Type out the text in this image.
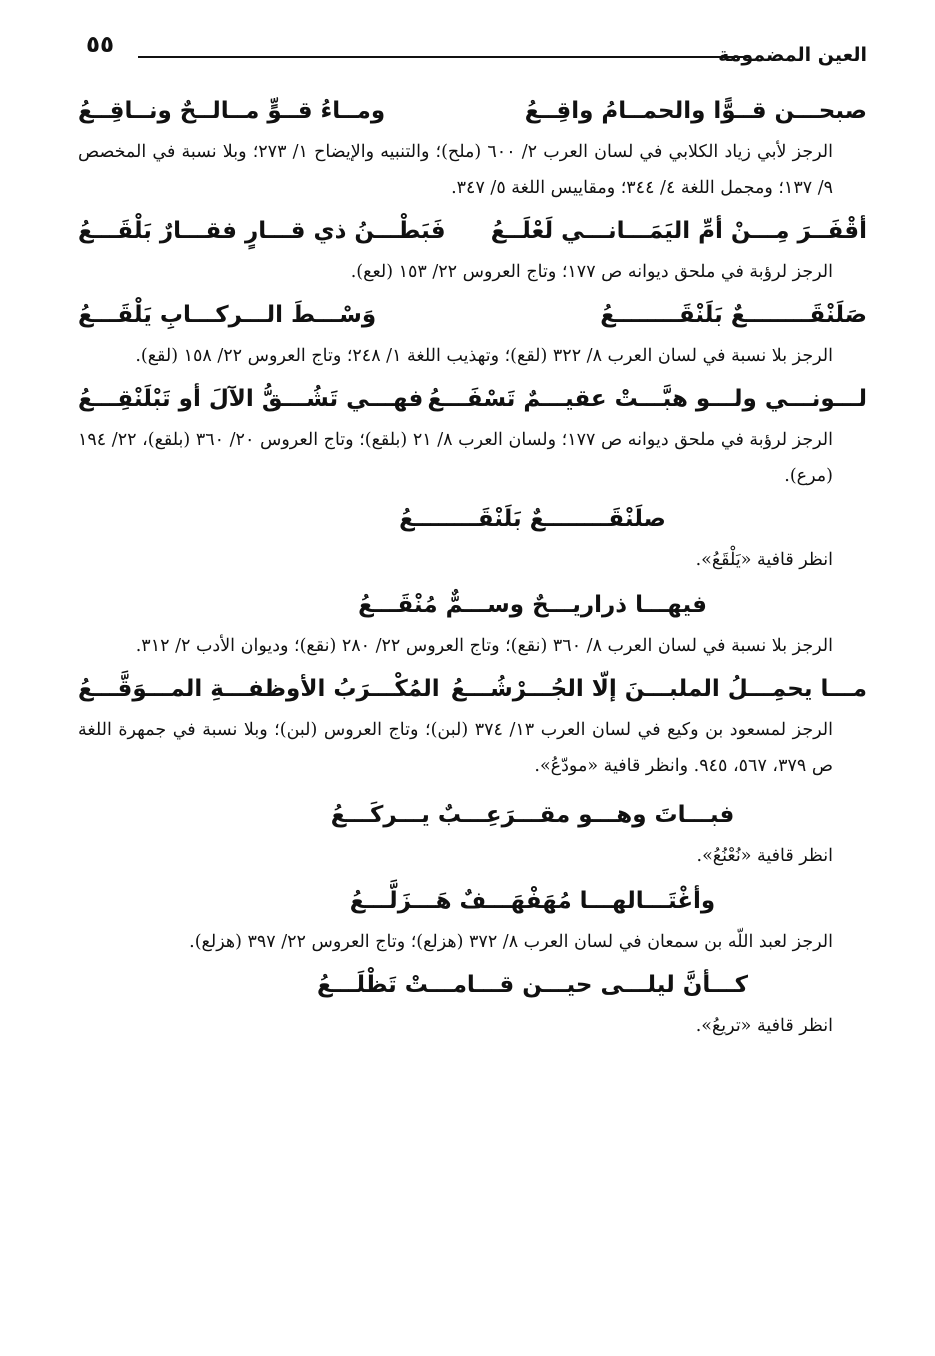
العين المضمومة
٥٥
صبحـــن قــوًّا والحمــامُ واقِــعُ
ومــاءُ قــوٍّ مــالــحٌ ونــاقِــعُ
الرجز لأبي زياد الكلابي في لسان العرب ٢/ ٦٠٠ (ملح)؛ والتنبيه والإيضاح ١/ ٢٧٣؛ وبلا نسبة في المخصص ٩/ ١٣٧؛ ومجمل اللغة ٤/ ٣٤٤؛ ومقاييس اللغة ٥/ ٣٤٧.
أقْفَــرَ مِـــنْ أمِّ اليَمَـــانـــي لَعْلَــعُ
فَبَطْـــنُ ذي قـــارٍ فقـــارٌ بَلْقَـــعُ
الرجز لرؤبة في ملحق ديوانه ص ١٧٧؛ وتاج العروس ٢٢/ ١٥٣ (لعع).
صَلَنْقَــــــــعٌ بَلَنْقَــــــــعُ
وَسْـــطَ الـــركـــابِ يَلْقَـــعُ
الرجز بلا نسبة في لسان العرب ٨/ ٣٢٢ (لقع)؛ وتهذيب اللغة ١/ ٢٤٨؛ وتاج العروس ٢٢/ ١٥٨ (لقع).
لـــونـــي ولـــو هبَّـــتْ عقيـــمٌ تَسْفَـــعُ
فهـــي تَشُـــقُّ الآلَ أو تَبْلَنْقِـــعُ
الرجز لرؤبة في ملحق ديوانه ص ١٧٧؛ ولسان العرب ٨/ ٢١ (بلقع)؛ وتاج العروس ٢٠/ ٣٦٠ (بلقع)، ٢٢/ ١٩٤ (مرع).
صلَنْقَــــــــعٌ بَلَنْقَــــــــعُ
انظر قافية «يَلْقَعُ».
فيهـــا ذراريـــحٌ وســـمٌّ مُنْقَـــعُ
الرجز بلا نسبة في لسان العرب ٨/ ٣٦٠ (نقع)؛ وتاج العروس ٢٢/ ٢٨٠ (نقع)؛ وديوان الأدب ٢/ ٣١٢.
مـــا يحمِـــلُ الملبـــنَ إلّا الجُـــرْشُـــعُ
المُكْـــرَبُ الأوظفـــةِ المـــوَقَّـــعُ
الرجز لمسعود بن وكيع في لسان العرب ١٣/ ٣٧٤ (لبن)؛ وتاج العروس (لبن)؛ وبلا نسبة في جمهرة اللغة ص ٣٧٩، ٥٦٧، ٩٤٥. وانظر قافية «مودّعُ».
فبـــاتَ وهـــو مقـــرَعِـــبٌ يـــركَـــعُ
انظر قافية «نُعْنُعُ».
وأغْتَـــالهـــا مُهَفْهَـــفٌ هَـــزَلَّـــعُ
الرجز لعبد اللّه بن سمعان في لسان العرب ٨/ ٣٧٢ (هزلع)؛ وتاج العروس ٢٢/ ٣٩٧ (هزلع).
كـــأنَّ ليلـــى حيـــن قـــامـــتْ تَظْلَـــعُ
انظر قافية «تريعُ».
